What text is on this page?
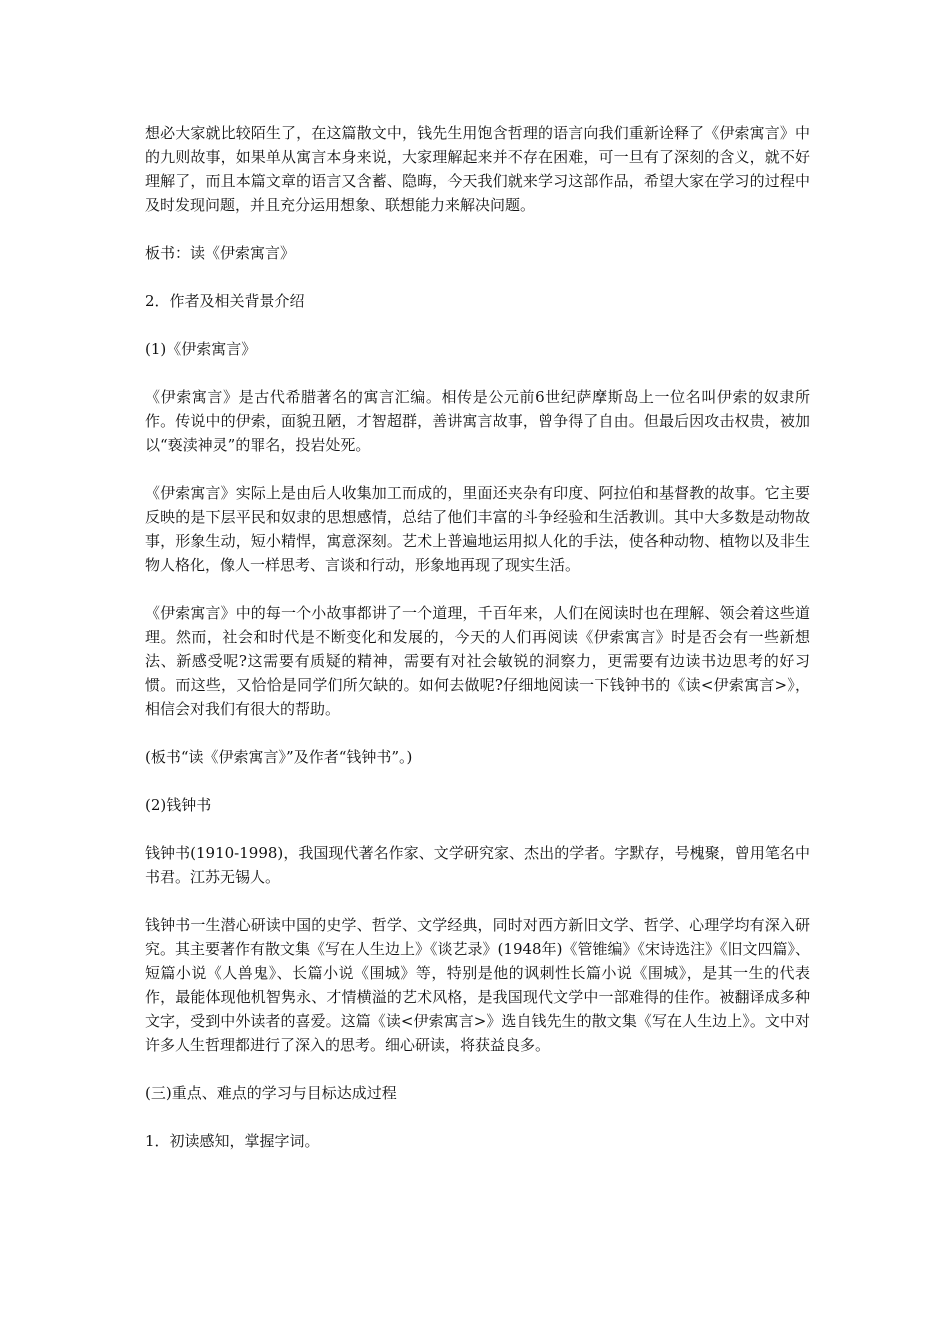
想必大家就比较陌生了，在这篇散文中，钱先生用饱含哲理的语言向我们重新诠释了《伊索寓言》中的九则故事，如果单从寓言本身来说，大家理解起来并不存在困难，可一旦有了深刻的含义，就不好理解了，而且本篇文章的语言又含蓄、隐晦，今天我们就来学习这部作品，希望大家在学习的过程中及时发现问题，并且充分运用想象、联想能力来解决问题。

板书：读《伊索寓言》

2．作者及相关背景介绍

(1)《伊索寓言》

《伊索寓言》是古代希腊著名的寓言汇编。相传是公元前6世纪萨摩斯岛上一位名叫伊索的奴隶所作。传说中的伊索，面貌丑陋，才智超群，善讲寓言故事，曾争得了自由。但最后因攻击权贵，被加以“亵渎神灵”的罪名，投岩处死。

《伊索寓言》实际上是由后人收集加工而成的，里面还夹杂有印度、阿拉伯和基督教的故事。它主要反映的是下层平民和奴隶的思想感情，总结了他们丰富的斗争经验和生活教训。其中大多数是动物故事，形象生动，短小精悍，寓意深刻。艺术上普遍地运用拟人化的手法，使各种动物、植物以及非生物人格化，像人一样思考、言谈和行动，形象地再现了现实生活。

《伊索寓言》中的每一个小故事都讲了一个道理，千百年来，人们在阅读时也在理解、领会着这些道理。然而，社会和时代是不断变化和发展的，今天的人们再阅读《伊索寓言》时是否会有一些新想法、新感受呢?这需要有质疑的精神，需要有对社会敏锐的洞察力，更需要有边读书边思考的好习惯。而这些，又恰恰是同学们所欠缺的。如何去做呢?仔细地阅读一下钱钟书的《读<伊索寓言>》，相信会对我们有很大的帮助。

(板书“读《伊索寓言》”及作者“钱钟书”。)

(2)钱钟书

钱钟书(1910-1998)，我国现代著名作家、文学研究家、杰出的学者。字默存，号槐聚，曾用笔名中书君。江苏无锡人。

钱钟书一生潜心研读中国的史学、哲学、文学经典，同时对西方新旧文学、哲学、心理学均有深入研究。其主要著作有散文集《写在人生边上》《谈艺录》(1948年)《管锥编》《宋诗选注》《旧文四篇》、短篇小说《人兽鬼》、长篇小说《围城》等，特别是他的讽刺性长篇小说《围城》，是其一生的代表作，最能体现他机智隽永、才情横溢的艺术风格，是我国现代文学中一部难得的佳作。被翻译成多种文字，受到中外读者的喜爱。这篇《读<伊索寓言>》选自钱先生的散文集《写在人生边上》。文中对许多人生哲理都进行了深入的思考。细心研读，将获益良多。

(三)重点、难点的学习与目标达成过程

1．初读感知，掌握字词。
